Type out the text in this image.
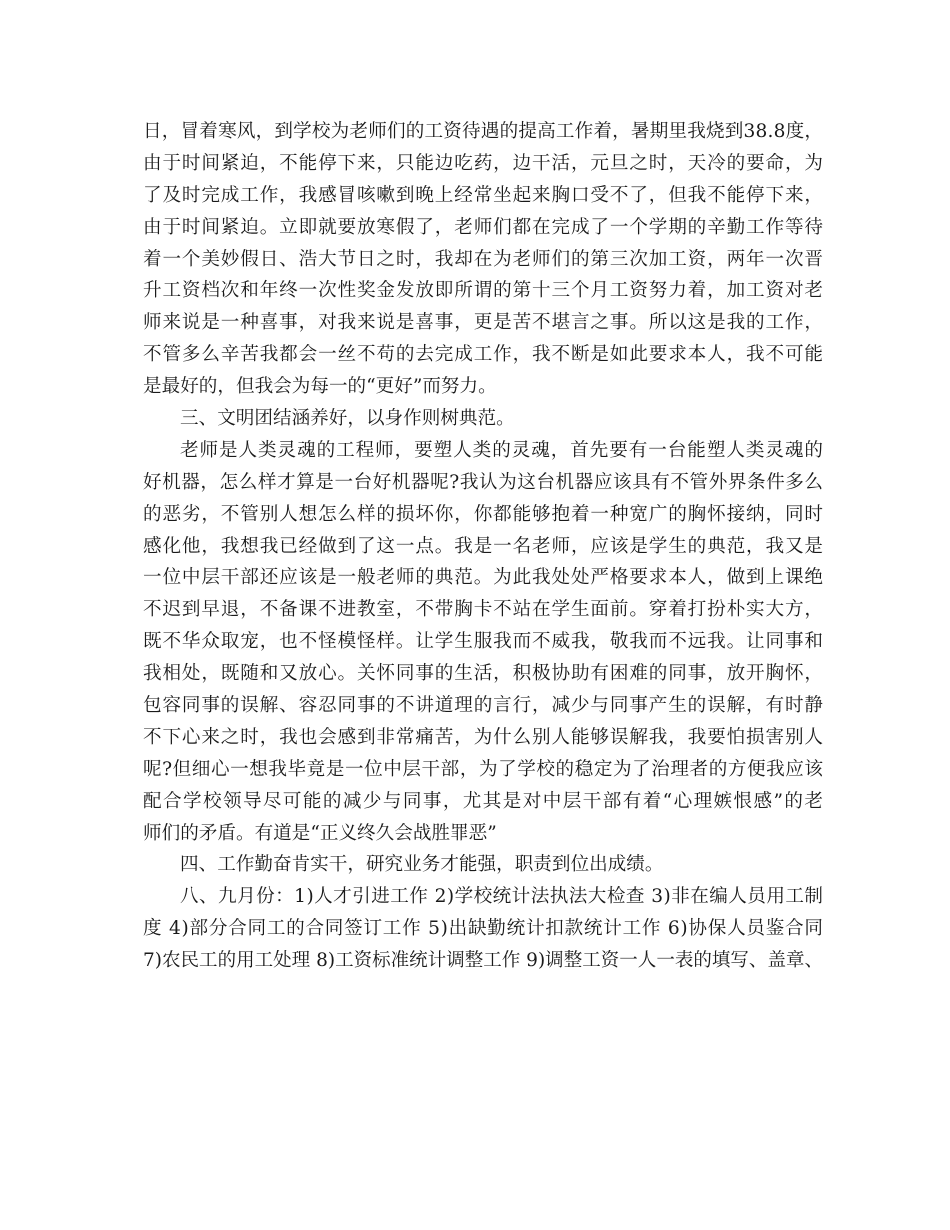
日，冒着寒风，到学校为老师们的工资待遇的提高工作着，暑期里我烧到38.8度，
由于时间紧迫，不能停下来，只能边吃药，边干活，元旦之时，天冷的要命，为
了及时完成工作，我感冒咳嗽到晚上经常坐起来胸口受不了，但我不能停下来，
由于时间紧迫。立即就要放寒假了，老师们都在完成了一个学期的辛勤工作等待
着一个美妙假日、浩大节日之时，我却在为老师们的第三次加工资，两年一次晋
升工资档次和年终一次性奖金发放即所谓的第十三个月工资努力着，加工资对老
师来说是一种喜事，对我来说是喜事，更是苦不堪言之事。所以这是我的工作，
不管多么辛苦我都会一丝不苟的去完成工作，我不断是如此要求本人，我不可能
是最好的，但我会为每一的“更好”而努力。
三、文明团结涵养好，以身作则树典范。
老师是人类灵魂的工程师，要塑人类的灵魂，首先要有一台能塑人类灵魂的
好机器，怎么样才算是一台好机器呢?我认为这台机器应该具有不管外界条件多么
的恶劣，不管别人想怎么样的损坏你，你都能够抱着一种宽广的胸怀接纳，同时
感化他，我想我已经做到了这一点。我是一名老师，应该是学生的典范，我又是
一位中层干部还应该是一般老师的典范。为此我处处严格要求本人，做到上课绝
不迟到早退，不备课不进教室，不带胸卡不站在学生面前。穿着打扮朴实大方，
既不华众取宠，也不怪模怪样。让学生服我而不威我，敬我而不远我。让同事和
我相处，既随和又放心。关怀同事的生活，积极协助有困难的同事，放开胸怀，
包容同事的误解、容忍同事的不讲道理的言行，减少与同事产生的误解，有时静
不下心来之时，我也会感到非常痛苦，为什么别人能够误解我，我要怕损害别人
呢?但细心一想我毕竟是一位中层干部，为了学校的稳定为了治理者的方便我应该
配合学校领导尽可能的减少与同事，尤其是对中层干部有着“心理嫉恨感”的老
师们的矛盾。有道是“正义终久会战胜罪恶”
四、工作勤奋肯实干，研究业务才能强，职责到位出成绩。
八、九月份：1)人才引进工作 2)学校统计法执法大检查 3)非在编人员用工制
度 4)部分合同工的合同签订工作 5)出缺勤统计扣款统计工作 6)协保人员鉴合同
7)农民工的用工处理 8)工资标准统计调整工作 9)调整工资一人一表的填写、盖章、
